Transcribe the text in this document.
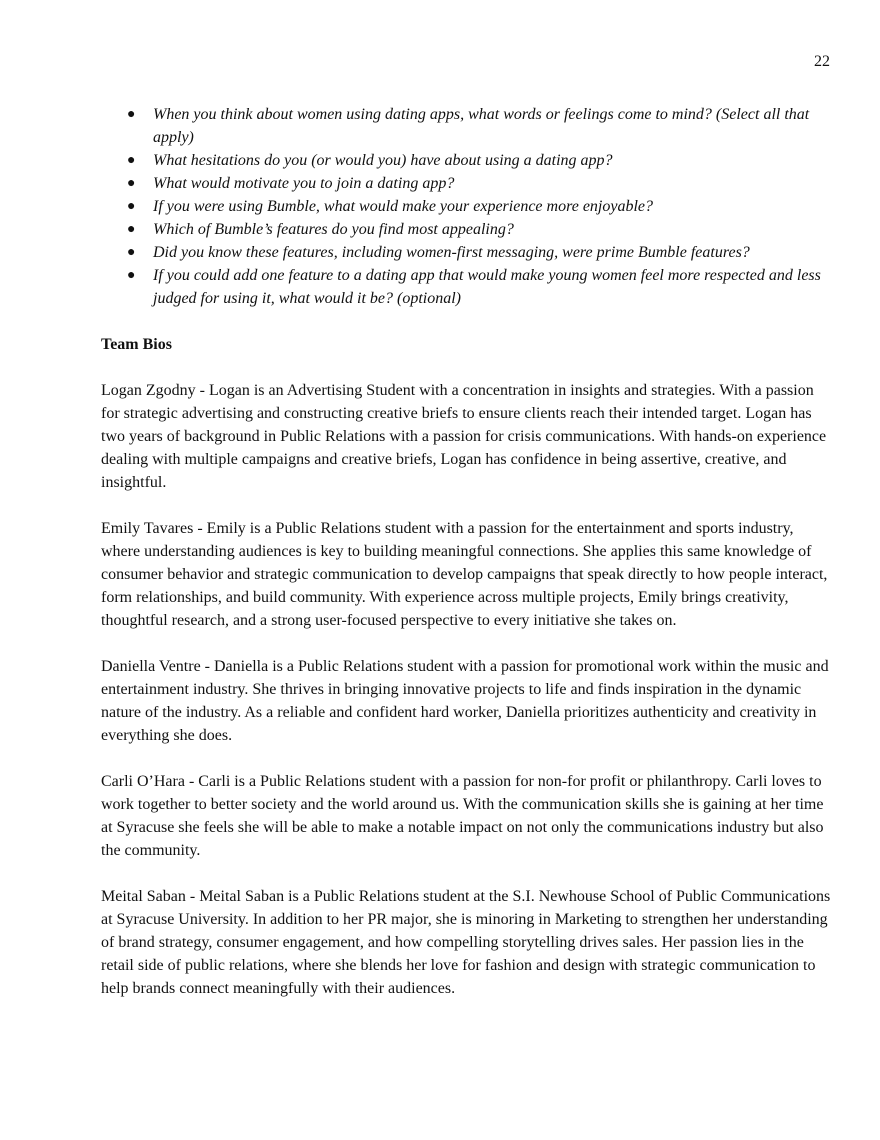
22
● When you think about women using dating apps, what words or feelings come to mind? (Select all that apply)
● What hesitations do you (or would you) have about using a dating app?
● What would motivate you to join a dating app?
● If you were using Bumble, what would make your experience more enjoyable?
● Which of Bumble’s features do you find most appealing?
● Did you know these features, including women-first messaging, were prime Bumble features?
● If you could add one feature to a dating app that would make young women feel more respected and less judged for using it, what would it be? (optional)
Team Bios

Logan Zgodny - Logan is an Advertising Student with a concentration in insights and strategies. With a passion for strategic advertising and constructing creative briefs to ensure clients reach their intended target. Logan has two years of background in Public Relations with a passion for crisis communications. With hands-on experience dealing with multiple campaigns and creative briefs, Logan has confidence in being assertive, creative, and insightful.

Emily Tavares - Emily is a Public Relations student with a passion for the entertainment and sports industry, where understanding audiences is key to building meaningful connections. She applies this same knowledge of consumer behavior and strategic communication to develop campaigns that speak directly to how people interact, form relationships, and build community. With experience across multiple projects, Emily brings creativity, thoughtful research, and a strong user-focused perspective to every initiative she takes on.

Daniella Ventre - Daniella is a Public Relations student with a passion for promotional work within the music and entertainment industry. She thrives in bringing innovative projects to life and finds inspiration in the dynamic nature of the industry. As a reliable and confident hard worker, Daniella prioritizes authenticity and creativity in everything she does.

Carli O’Hara - Carli is a Public Relations student with a passion for non-for profit or philanthropy. Carli loves to work together to better society and the world around us. With the communication skills she is gaining at her time at Syracuse she feels she will be able to make a notable impact on not only the communications industry but also the community.

Meital Saban - Meital Saban is a Public Relations student at the S.I. Newhouse School of Public Communications at Syracuse University. In addition to her PR major, she is minoring in Marketing to strengthen her understanding of brand strategy, consumer engagement, and how compelling storytelling drives sales. Her passion lies in the retail side of public relations, where she blends her love for fashion and design with strategic communication to help brands connect meaningfully with their audiences.
